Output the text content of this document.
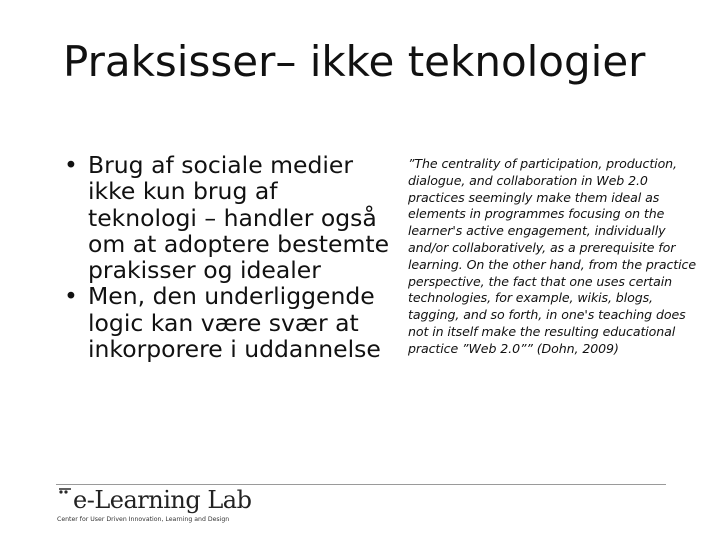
Praksisser– ikke teknologier
• Brug af sociale medier ikke kun brug af teknologi – handler også om at adoptere bestemte prakisser og idealer
• Men, den underliggende logic kan være svær at inkorporere i uddannelse
”The centrality of participation, production, dialogue, and collaboration in Web 2.0 practices seemingly make them ideal as elements in programmes focusing on the learner's active engagement, individually and/or collaboratively, as a prerequisite for learning. On the other hand, from the practice perspective, the fact that one uses certain technologies, for example, wikis, blogs, tagging, and so forth, in one's teaching does not in itself make the resulting educational practice ”Web 2.0”” (Dohn, 2009)
e-Learning Lab
Center for User Driven Innovation, Learning and Design
